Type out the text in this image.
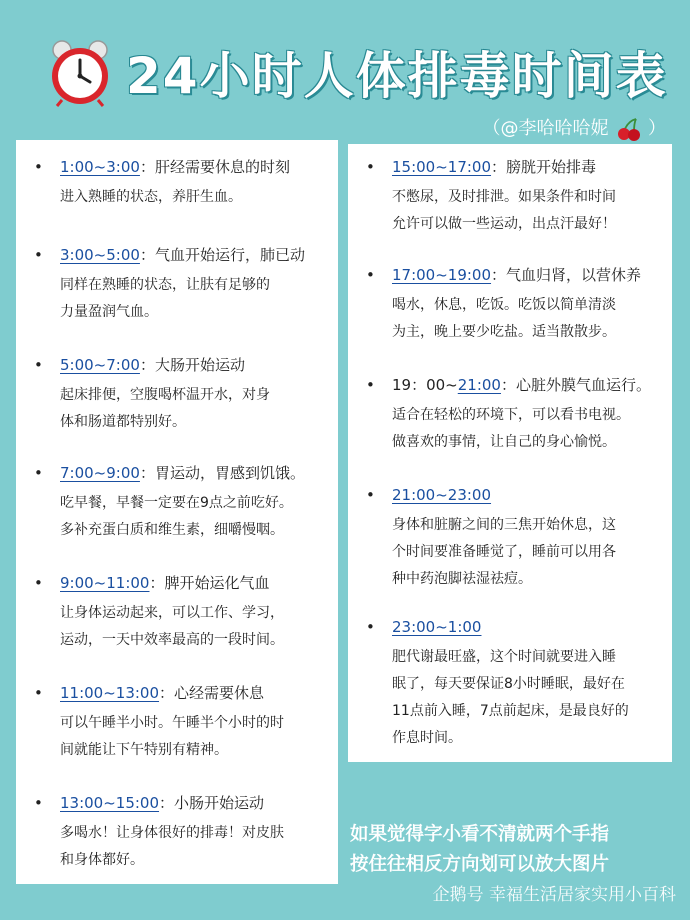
24小时人体排毒时间表
（@李哈哈哈妮 ）
• 1:00~3:00：肝经需要休息的时刻
进入熟睡的状态，养肝生血。
• 3:00~5:00：气血开始运行，肺已动
同样在熟睡的状态，让肤有足够的
力量盈润气血。
• 5:00~7:00：大肠开始运动
起床排便，空腹喝杯温开水，对身
体和肠道都特别好。
• 7:00~9:00：胃运动，胃感到饥饿。
吃早餐，早餐一定要在9点之前吃好。
多补充蛋白质和维生素，细嚼慢咽。
• 9:00~11:00：脾开始运化气血
让身体运动起来，可以工作、学习，
运动，一天中效率最高的一段时间。
• 11:00~13:00：心经需要休息
可以午睡半小时。午睡半个小时的时
间就能让下午特别有精神。
• 13:00~15:00：小肠开始运动
多喝水！让身体很好的排毒！对皮肤
和身体都好。
• 15:00~17:00：膀胱开始排毒
不憋尿，及时排泄。如果条件和时间
允许可以做一些运动，出点汗最好！
• 17:00~19:00：气血归肾，以营休养
喝水，休息，吃饭。吃饭以简单清淡
为主，晚上要少吃盐。适当散散步。
• 19：00~21:00：心脏外膜气血运行。
适合在轻松的环境下，可以看书电视。
做喜欢的事情，让自己的身心愉悦。
• 21:00~23:00
身体和脏腑之间的三焦开始休息，这
个时间要准备睡觉了，睡前可以用各
种中药泡脚祛湿祛痘。
• 23:00~1:00
肥代谢最旺盛，这个时间就要进入睡
眠了，每天要保证8小时睡眠，最好在
11点前入睡，7点前起床，是最良好的
作息时间。
如果觉得字小看不清就两个手指
按住往相反方向划可以放大图片
企鹅号 幸福生活居家实用小百科
